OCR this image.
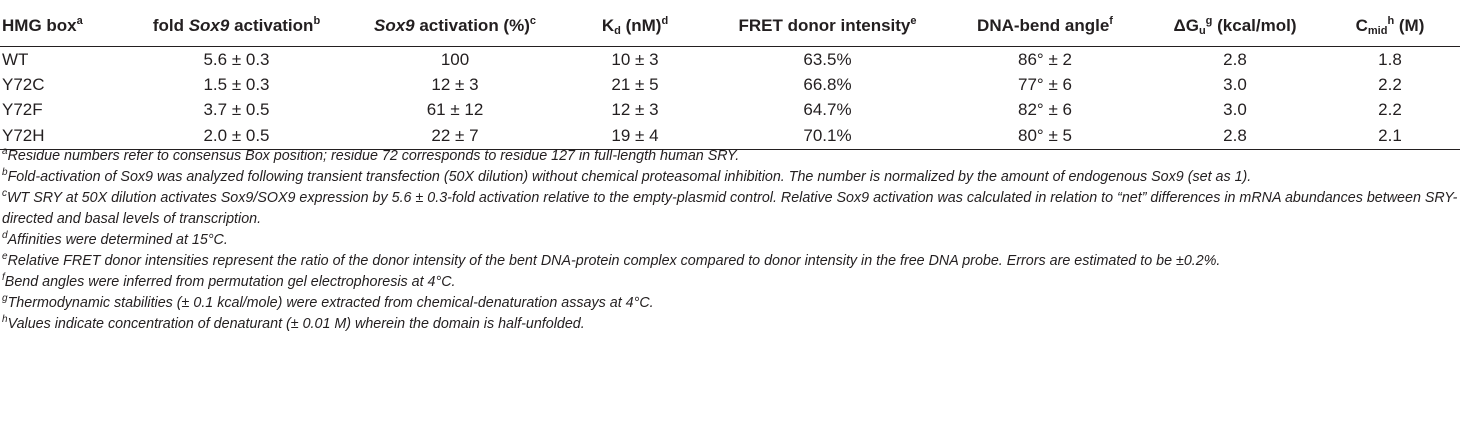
HMG box$^a$	fold Sox9 activation$^b$	Sox9 activation (%)$^c$	$K_d$ (nM)$^d$	FRET donor intensity$^e$	DNA-bend angle$^f$	$\Delta G_u^g$ (kcal/mol)	$C_{mid}^h$ (M)
WT	5.6 ± 0.3	100	10 ± 3	63.5%	86° ± 2	2.8	1.8
Y72C	1.5 ± 0.3	12 ± 3	21 ± 5	66.8%	77° ± 6	3.0	2.2
Y72F	3.7 ± 0.5	61 ± 12	12 ± 3	64.7%	82° ± 6	3.0	2.2
Y72H	2.0 ± 0.5	22 ± 7	19 ± 4	70.1%	80° ± 5	2.8	2.1

$^a$Residue numbers refer to consensus Box position; residue 72 corresponds to residue 127 in full-length human SRY.

$^b$Fold-activation of Sox9 was analyzed following transient transfection (50X dilution) without chemical proteasomal inhibition. The number is normalized by the amount of endogenous Sox9 (set as 1).

$^c$WT SRY at 50X dilution activates Sox9/SOX9 expression by 5.6 ± 0.3-fold activation relative to the empty-plasmid control. Relative Sox9 activation was calculated in relation to “net” differences in mRNA abundances between SRY-directed and basal levels of transcription.

$^d$Affinities were determined at 15°C.

$^e$Relative FRET donor intensities represent the ratio of the donor intensity of the bent DNA-protein complex compared to donor intensity in the free DNA probe. Errors are estimated to be ±0.2%.

$^f$Bend angles were inferred from permutation gel electrophoresis at 4°C.

$^g$Thermodynamic stabilities (± 0.1 kcal/mole) were extracted from chemical-denaturation assays at 4°C.

$^h$Values indicate concentration of denaturant (± 0.01 M) wherein the domain is half-unfolded.
